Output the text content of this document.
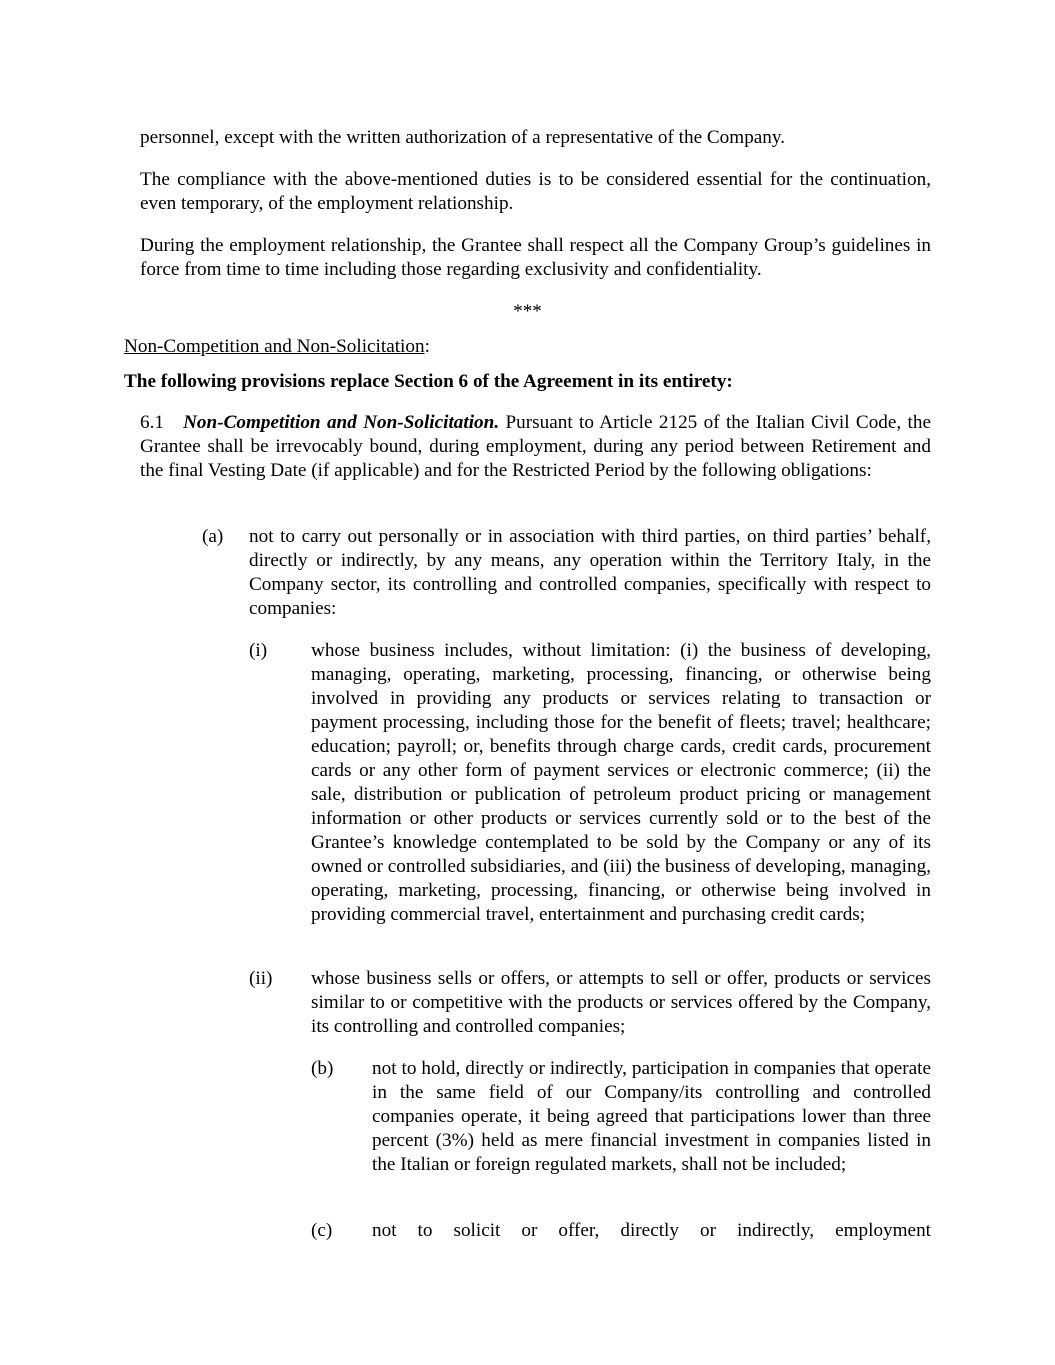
personnel, except with the written authorization of a representative of the Company.

The compliance with the above-mentioned duties is to be considered essential for the continuation, even temporary, of the employment relationship.

During the employment relationship, the Grantee shall respect all the Company Group’s guidelines in force from time to time including those regarding exclusivity and confidentiality.

***

Non-Competition and Non-Solicitation:

The following provisions replace Section 6 of the Agreement in its entirety:

6.1 Non-Competition and Non-Solicitation. Pursuant to Article 2125 of the Italian Civil Code, the Grantee shall be irrevocably bound, during employment, during any period between Retirement and the final Vesting Date (if applicable) and for the Restricted Period by the following obligations:
(a) not to carry out personally or in association with third parties, on third parties’ behalf, directly or indirectly, by any means, any operation within the Territory Italy, in the Company sector, its controlling and controlled companies, specifically with respect to companies:
(i) whose business includes, without limitation: (i) the business of developing, managing, operating, marketing, processing, financing, or otherwise being involved in providing any products or services relating to transaction or payment processing, including those for the benefit of fleets; travel; healthcare; education; payroll; or, benefits through charge cards, credit cards, procurement cards or any other form of payment services or electronic commerce; (ii) the sale, distribution or publication of petroleum product pricing or management information or other products or services currently sold or to the best of the Grantee’s knowledge contemplated to be sold by the Company or any of its owned or controlled subsidiaries, and (iii) the business of developing, managing, operating, marketing, processing, financing, or otherwise being involved in providing commercial travel, entertainment and purchasing credit cards;
(ii) whose business sells or offers, or attempts to sell or offer, products or services similar to or competitive with the products or services offered by the Company, its controlling and controlled companies;
(b) not to hold, directly or indirectly, participation in companies that operate in the same field of our Company/its controlling and controlled companies operate, it being agreed that participations lower than three percent (3%) held as mere financial investment in companies listed in the Italian or foreign regulated markets, shall not be included;
(c) not to solicit or offer, directly or indirectly, employment
